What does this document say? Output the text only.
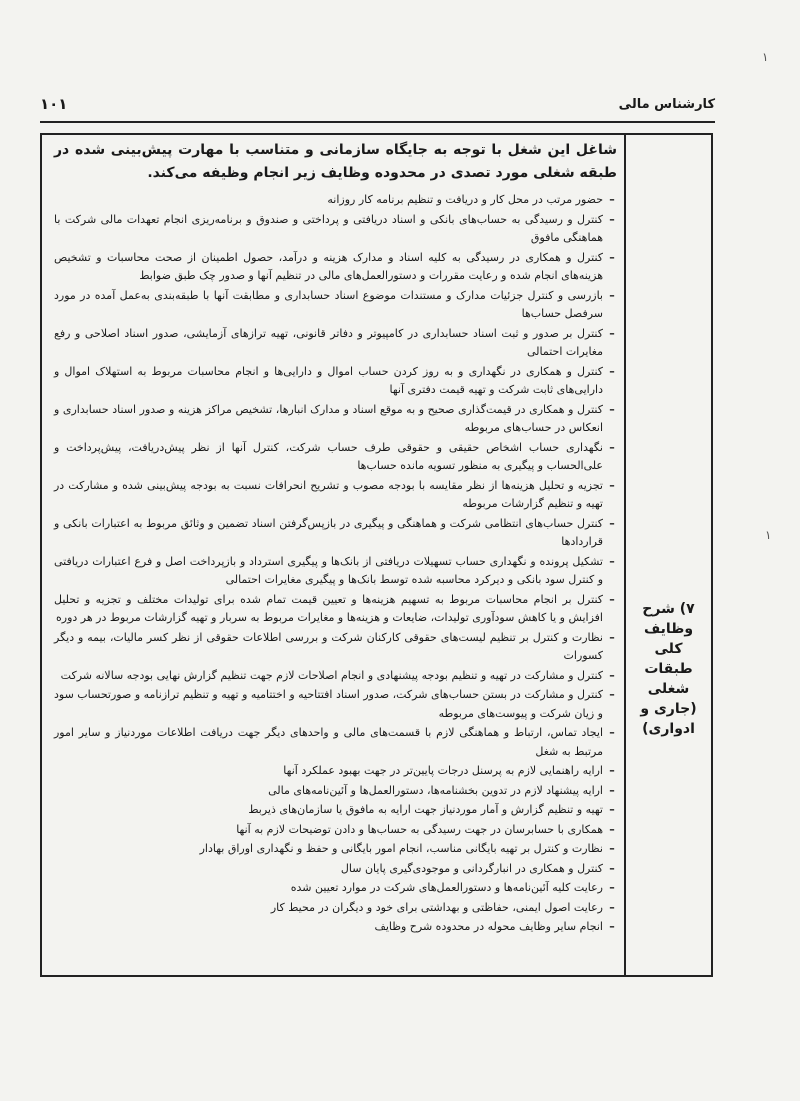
۱۰۱	کارشناس مالی
۱
۱
۷) شرح
وظایف
کلی
طبقات
شغلی
(جاری و
ادواری)

شاغل این شغل با توجه به جایگاه سازمانی و متناسب با مهارت پیش‌بینی شده در طبقه شغلی مورد تصدی در محدوده وظایف زیر انجام وظیفه می‌کند.

–
حضور مرتب در محل کار و دریافت و تنظیم برنامه کار روزانه
–
کنترل و رسیدگی به حساب‌های بانکی و اسناد دریافتی و پرداختی و صندوق و برنامه‌ریزی انجام تعهدات مالی شرکت با هماهنگی مافوق
–
کنترل و همکاری در رسیدگی به کلیه اسناد و مدارک هزینه و درآمد، حصول اطمینان از صحت محاسبات و تشخیص هزینه‌های انجام شده و رعایت مقررات و دستورالعمل‌های مالی در تنظیم آنها و صدور چک طبق ضوابط
–
بازرسی و کنترل جزئیات مدارک و مستندات موضوع اسناد حسابداری و مطابقت آنها با طبقه‌بندی به‌عمل آمده در مورد سرفصل حساب‌ها
–
کنترل بر صدور و ثبت اسناد حسابداری در کامپیوتر و دفاتر قانونی، تهیه ترازهای آزمایشی، صدور اسناد اصلاحی و رفع مغایرات احتمالی
–
کنترل و همکاری در نگهداری و به روز کردن حساب اموال و دارایی‌ها و انجام محاسبات مربوط به استهلاک اموال و دارایی‌های ثابت شرکت و تهیه قیمت دفتری آنها
–
کنترل و همکاری در قیمت‌گذاری صحیح و به موقع اسناد و مدارک انبارها، تشخیص مراکز هزینه و صدور اسناد حسابداری و انعکاس در حساب‌های مربوطه
–
نگهداری حساب اشخاص حقیقی و حقوقی طرف حساب شرکت، کنترل آنها از نظر پیش‌دریافت، پیش‌پرداخت و علی‌الحساب و پیگیری به منظور تسویه مانده حساب‌ها
–
تجزیه و تحلیل هزینه‌ها از نظر مقایسه با بودجه مصوب و تشریح انحرافات نسبت به بودجه پیش‌بینی شده و مشارکت در تهیه و تنظیم گزارشات مربوطه
–
کنترل حساب‌های انتظامی شرکت و هماهنگی و پیگیری در بازپس‌گرفتن اسناد تضمین و وثائق مربوط به اعتبارات بانکی و قراردادها
–
تشکیل پرونده و نگهداری حساب تسهیلات دریافتی از بانک‌ها و پیگیری استرداد و بازپرداخت اصل و فرع اعتبارات دریافتی و کنترل سود بانکی و دیرکرد محاسبه شده توسط بانک‌ها و پیگیری مغایرات احتمالی
–
کنترل بر انجام محاسبات مربوط به تسهیم هزینه‌ها و تعیین قیمت تمام شده برای تولیدات مختلف و تجزیه و تحلیل افزایش و یا کاهش سودآوری تولیدات، ضایعات و هزینه‌ها و مغایرات مربوط به سربار و تهیه گزارشات مربوط در هر دوره
–
نظارت و کنترل بر تنظیم لیست‌های حقوقی کارکنان شرکت و بررسی اطلاعات حقوقی از نظر کسر مالیات، بیمه و دیگر کسورات
–
کنترل و مشارکت در تهیه و تنظیم بودجه پیشنهادی و انجام اصلاحات لازم جهت تنظیم گزارش نهایی بودجه سالانه شرکت
–
کنترل و مشارکت در بستن حساب‌های شرکت، صدور اسناد افتتاحیه و اختتامیه و تهیه و تنظیم ترازنامه و صورتحساب سود و زیان شرکت و پیوست‌های مربوطه
–
ایجاد تماس، ارتباط و هماهنگی لازم با قسمت‌های مالی و واحدهای دیگر جهت دریافت اطلاعات موردنیاز و سایر امور مرتبط به شغل
–
ارایه راهنمایی لازم به پرسنل درجات پایین‌تر در جهت بهبود عملکرد آنها
–
ارایه پیشنهاد لازم در تدوین بخشنامه‌ها، دستورالعمل‌ها و آئین‌نامه‌های مالی
–
تهیه و تنظیم گزارش و آمار موردنیاز جهت ارایه به مافوق یا سازمان‌های ذیربط
–
همکاری با حسابرسان در جهت رسیدگی به حساب‌ها و دادن توضیحات لازم به آنها
–
نظارت و کنترل بر تهیه بایگانی مناسب، انجام امور بایگانی و حفظ و نگهداری اوراق بهادار
–
کنترل و همکاری در انبارگردانی و موجودی‌گیری پایان سال
–
رعایت کلیه آئین‌نامه‌ها و دستورالعمل‌های شرکت در موارد تعیین شده
–
رعایت اصول ایمنی، حفاظتی و بهداشتی برای خود و دیگران در محیط کار
–
انجام سایر وظایف محوله در محدوده شرح وظایف
